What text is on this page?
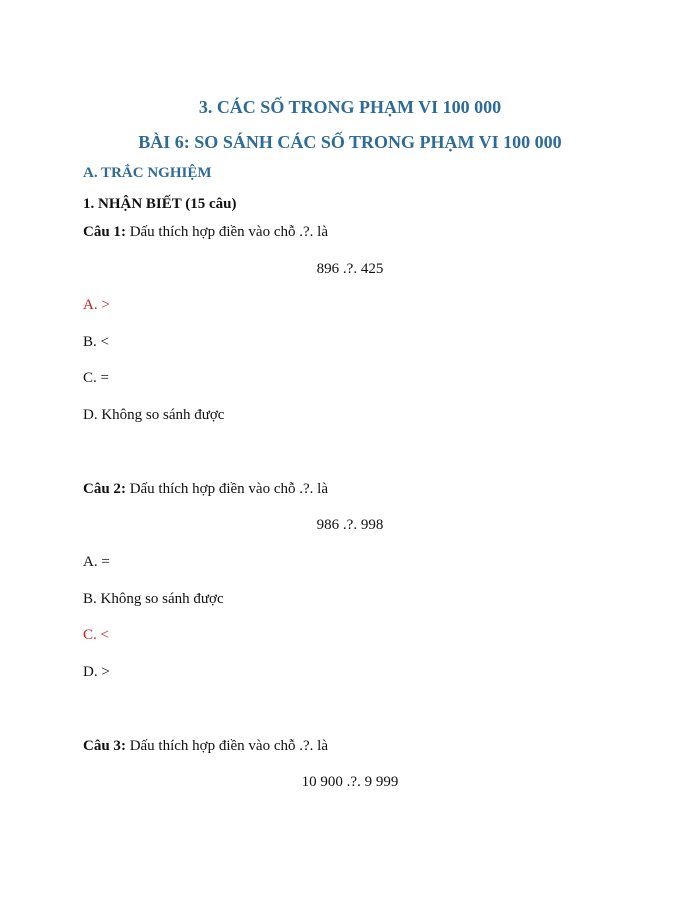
3. CÁC SỐ TRONG PHẠM VI 100 000
BÀI 6: SO SÁNH CÁC SỐ TRONG PHẠM VI 100 000
A. TRẮC NGHIỆM
1. NHẬN BIẾT (15 câu)
Câu 1: Dấu thích hợp điền vào chỗ .?. là
896 .?. 425
A. >
B. <
C. =
D. Không so sánh được
Câu 2: Dấu thích hợp điền vào chỗ .?. là
986 .?. 998
A. =
B. Không so sánh được
C. <
D. >
Câu 3: Dấu thích hợp điền vào chỗ .?. là
10 900 .?. 9 999
